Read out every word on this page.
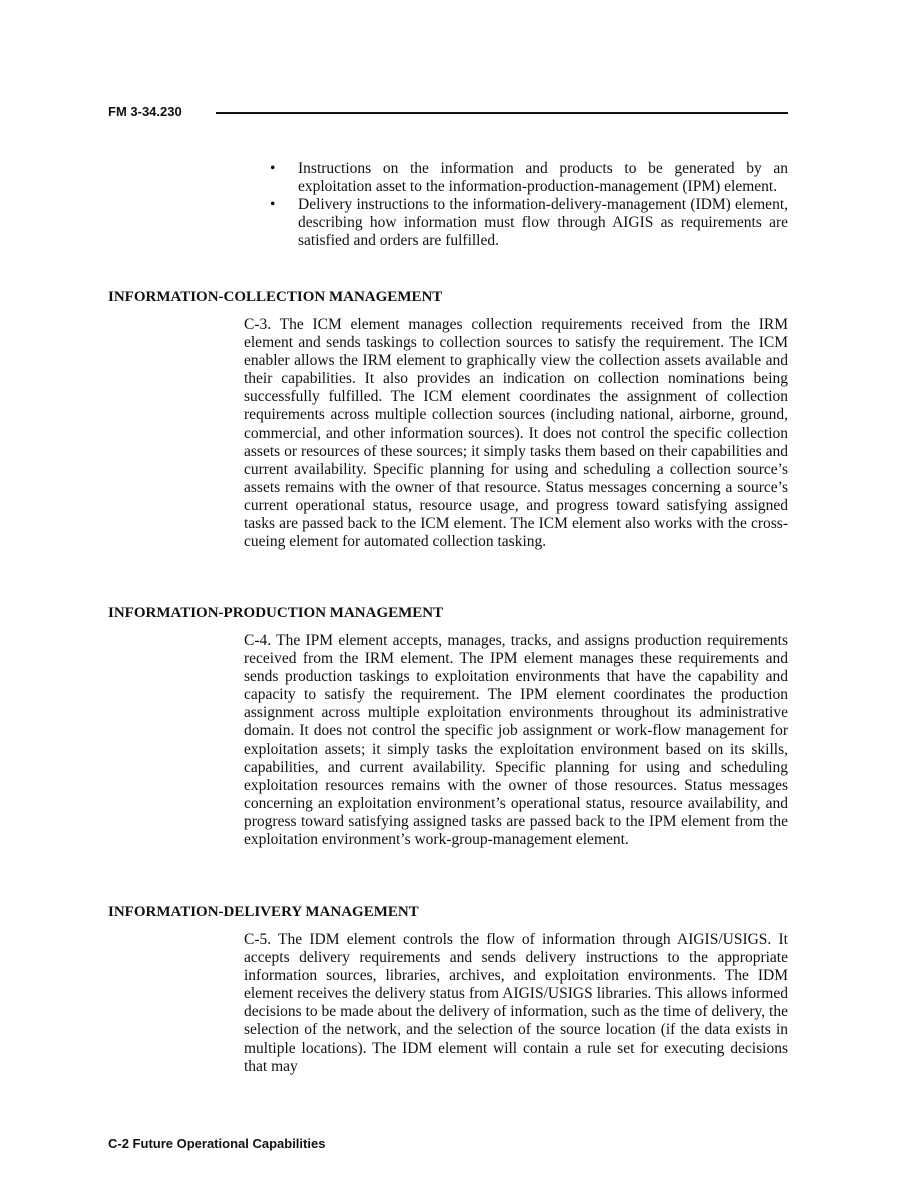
FM 3-34.230
• Instructions on the information and products to be generated by an exploitation asset to the information-production-management (IPM) element.
• Delivery instructions to the information-delivery-management (IDM) element, describing how information must flow through AIGIS as requirements are satisfied and orders are fulfilled.
INFORMATION-COLLECTION MANAGEMENT

C-3. The ICM element manages collection requirements received from the IRM element and sends taskings to collection sources to satisfy the requirement. The ICM enabler allows the IRM element to graphically view the collection assets available and their capabilities. It also provides an indication on collection nominations being successfully fulfilled. The ICM element coordinates the assignment of collection requirements across multiple collection sources (including national, airborne, ground, commercial, and other information sources). It does not control the specific collection assets or resources of these sources; it simply tasks them based on their capabilities and current availability. Specific planning for using and scheduling a collection source’s assets remains with the owner of that resource. Status messages concerning a source’s current operational status, resource usage, and progress toward satisfying assigned tasks are passed back to the ICM element. The ICM element also works with the cross-cueing element for automated collection tasking.

INFORMATION-PRODUCTION MANAGEMENT

C-4. The IPM element accepts, manages, tracks, and assigns production requirements received from the IRM element. The IPM element manages these requirements and sends production taskings to exploitation environments that have the capability and capacity to satisfy the requirement. The IPM element coordinates the production assignment across multiple exploitation environments throughout its administrative domain. It does not control the specific job assignment or work-flow management for exploitation assets; it simply tasks the exploitation environment based on its skills, capabilities, and current availability. Specific planning for using and scheduling exploitation resources remains with the owner of those resources. Status messages concerning an exploitation environment’s operational status, resource availability, and progress toward satisfying assigned tasks are passed back to the IPM element from the exploitation environment’s work-group-management element.

INFORMATION-DELIVERY MANAGEMENT

C-5. The IDM element controls the flow of information through AIGIS/USIGS. It accepts delivery requirements and sends delivery instructions to the appropriate information sources, libraries, archives, and exploitation environments. The IDM element receives the delivery status from AIGIS/USIGS libraries. This allows informed decisions to be made about the delivery of information, such as the time of delivery, the selection of the network, and the selection of the source location (if the data exists in multiple locations). The IDM element will contain a rule set for executing decisions that may

C-2 Future Operational Capabilities
